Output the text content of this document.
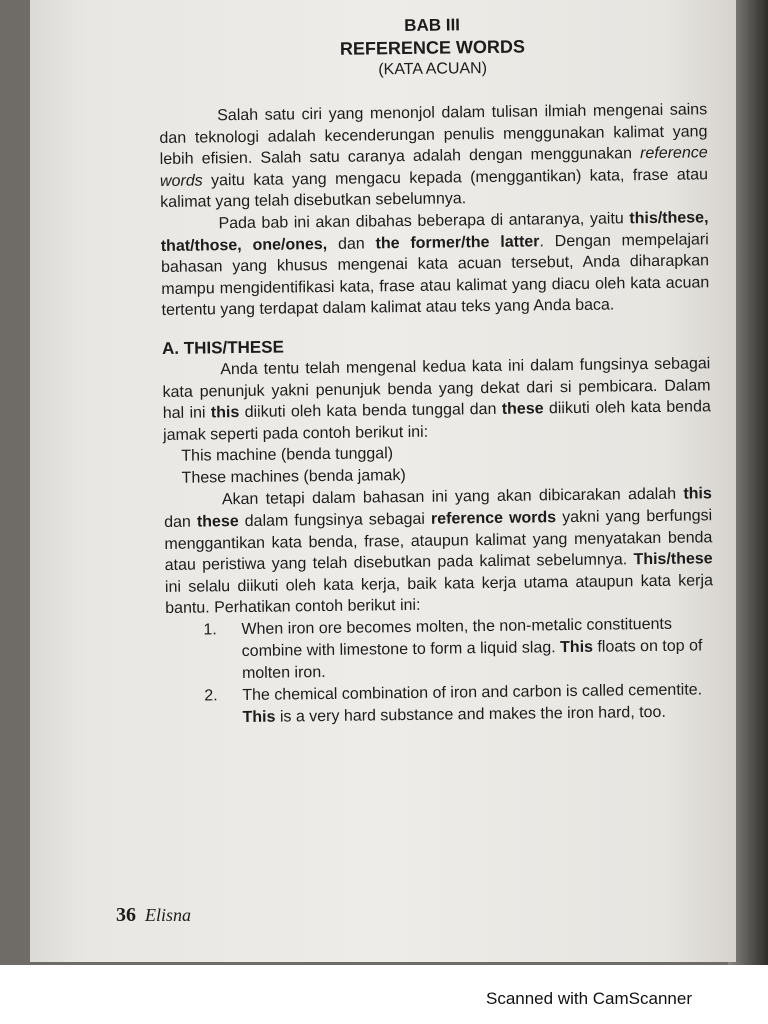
BAB III

REFERENCE WORDS

(KATA ACUAN)

Salah satu ciri yang menonjol dalam tulisan ilmiah mengenai sains dan teknologi adalah kecenderungan penulis menggunakan kalimat yang lebih efisien. Salah satu caranya adalah dengan menggunakan reference words yaitu kata yang mengacu kepada (menggantikan) kata, frase atau kalimat yang telah disebutkan sebelumnya.

Pada bab ini akan dibahas beberapa di antaranya, yaitu this/these, that/those, one/ones, dan the former/the latter. Dengan mempelajari bahasan yang khusus mengenai kata acuan tersebut, Anda diharapkan mampu mengidentifikasi kata, frase atau kalimat yang diacu oleh kata acuan tertentu yang terdapat dalam kalimat atau teks yang Anda baca.

A. THIS/THESE

Anda tentu telah mengenal kedua kata ini dalam fungsinya sebagai kata penunjuk yakni penunjuk benda yang dekat dari si pembicara. Dalam hal ini this diikuti oleh kata benda tunggal dan these diikuti oleh kata benda jamak seperti pada contoh berikut ini:

This machine (benda tunggal)

These machines (benda jamak)

Akan tetapi dalam bahasan ini yang akan dibicarakan adalah this dan these dalam fungsinya sebagai reference words yakni yang berfungsi menggantikan kata benda, frase, ataupun kalimat yang menyatakan benda atau peristiwa yang telah disebutkan pada kalimat sebelumnya. This/these ini selalu diikuti oleh kata kerja, baik kata kerja utama ataupun kata kerja bantu. Perhatikan contoh berikut ini:

1. When iron ore becomes molten, the non-metalic constituents combine with limestone to form a liquid slag. This floats on top of molten iron.
2. The chemical combination of iron and carbon is called cementite. This is a very hard substance and makes the iron hard, too.
36 Elisna
Scanned with CamScanner
